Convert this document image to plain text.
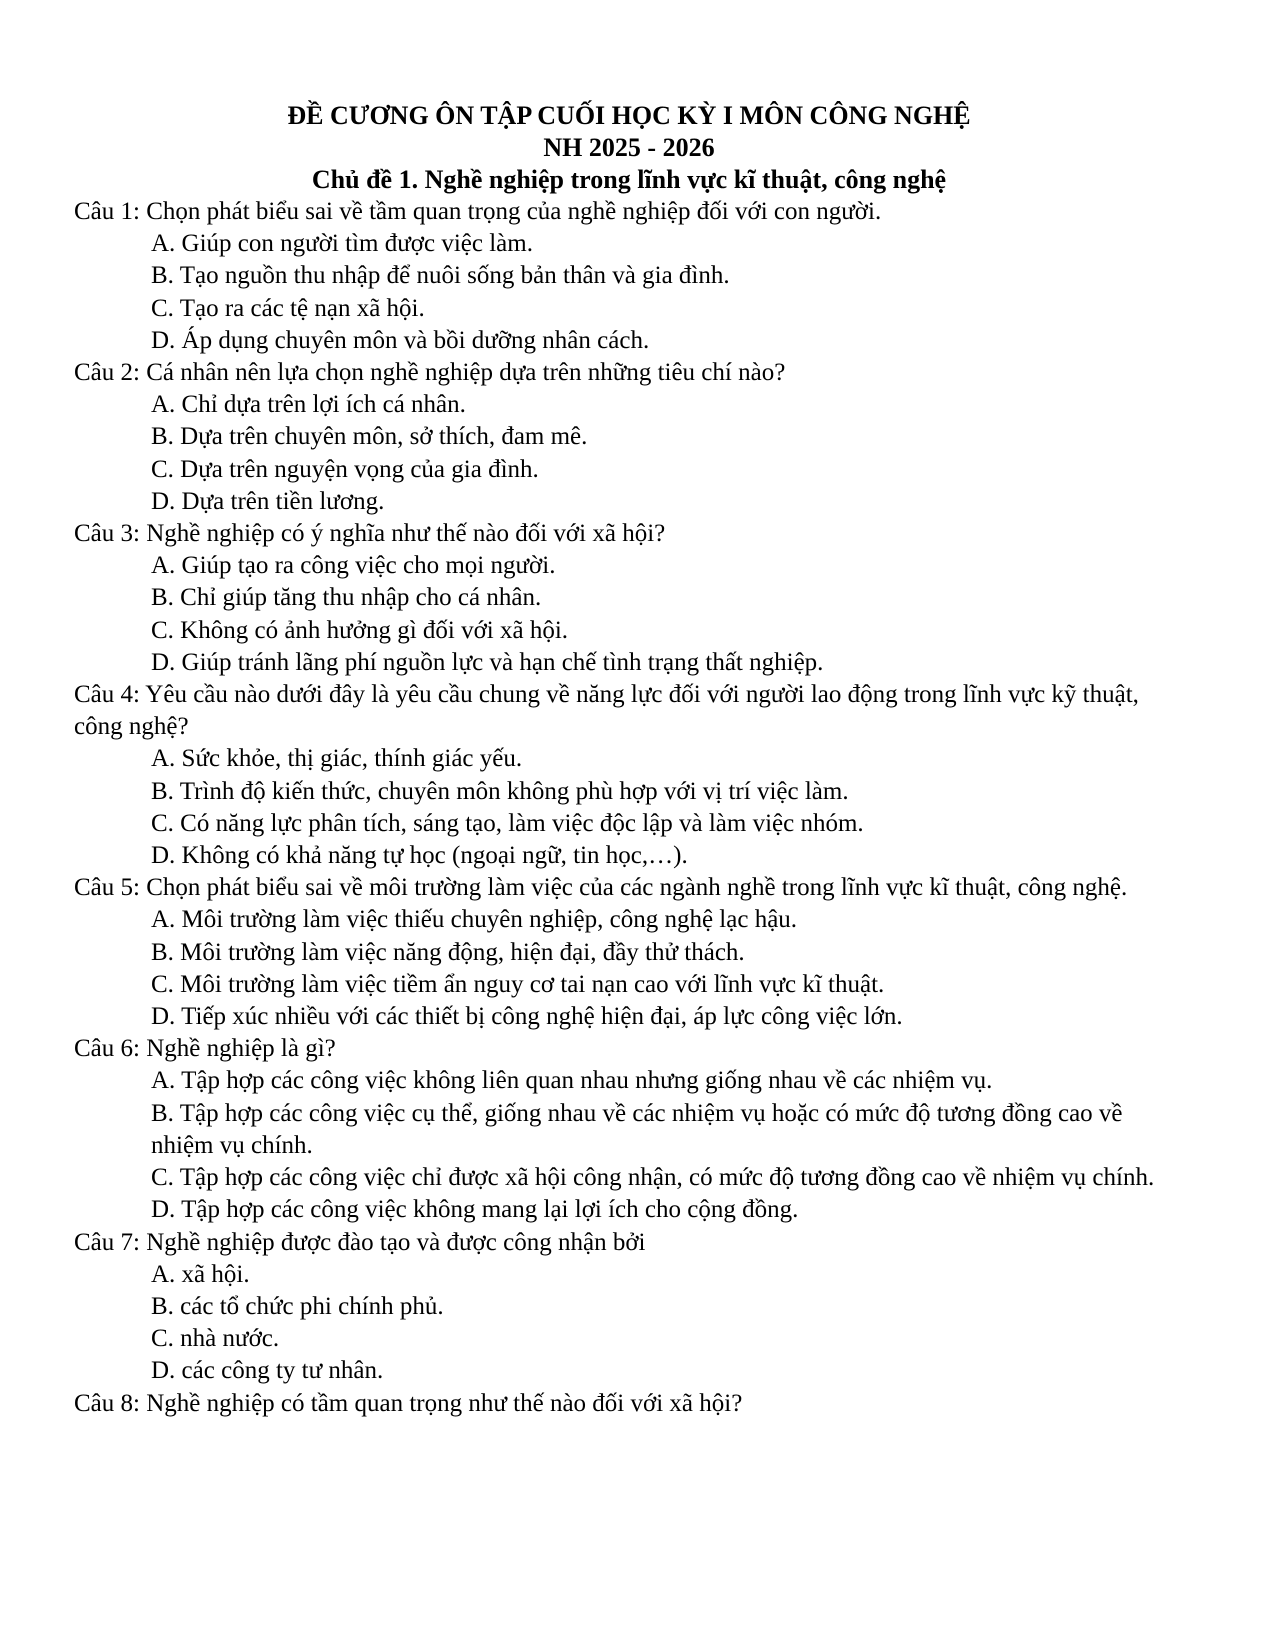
ĐỀ CƯƠNG ÔN TẬP CUỐI HỌC KỲ I MÔN CÔNG NGHỆ
NH 2025 - 2026
Chủ đề 1. Nghề nghiệp trong lĩnh vực kĩ thuật, công nghệ

Câu 1: Chọn phát biểu sai về tầm quan trọng của nghề nghiệp đối với con người.

A. Giúp con người tìm được việc làm.

B. Tạo nguồn thu nhập để nuôi sống bản thân và gia đình.

C. Tạo ra các tệ nạn xã hội.

D. Áp dụng chuyên môn và bồi dưỡng nhân cách.

Câu 2: Cá nhân nên lựa chọn nghề nghiệp dựa trên những tiêu chí nào?

A. Chỉ dựa trên lợi ích cá nhân.

B. Dựa trên chuyên môn, sở thích, đam mê.

C. Dựa trên nguyện vọng của gia đình.

D. Dựa trên tiền lương.

Câu 3: Nghề nghiệp có ý nghĩa như thế nào đối với xã hội?

A. Giúp tạo ra công việc cho mọi người.

B. Chỉ giúp tăng thu nhập cho cá nhân.

C. Không có ảnh hưởng gì đối với xã hội.

D. Giúp tránh lãng phí nguồn lực và hạn chế tình trạng thất nghiệp.

Câu 4: Yêu cầu nào dưới đây là yêu cầu chung về năng lực đối với người lao động trong lĩnh vực kỹ thuật, công nghệ?

A. Sức khỏe, thị giác, thính giác yếu.

B. Trình độ kiến thức, chuyên môn không phù hợp với vị trí việc làm.

C. Có năng lực phân tích, sáng tạo, làm việc độc lập và làm việc nhóm.

D. Không có khả năng tự học (ngoại ngữ, tin học,…).

Câu 5: Chọn phát biểu sai về môi trường làm việc của các ngành nghề trong lĩnh vực kĩ thuật, công nghệ.

A. Môi trường làm việc thiếu chuyên nghiệp, công nghệ lạc hậu.

B. Môi trường làm việc năng động, hiện đại, đầy thử thách.

C. Môi trường làm việc tiềm ẩn nguy cơ tai nạn cao với lĩnh vực kĩ thuật.

D. Tiếp xúc nhiều với các thiết bị công nghệ hiện đại, áp lực công việc lớn.

Câu 6: Nghề nghiệp là gì?

A. Tập hợp các công việc không liên quan nhau nhưng giống nhau về các nhiệm vụ.

B. Tập hợp các công việc cụ thể, giống nhau về các nhiệm vụ hoặc có mức độ tương đồng cao về nhiệm vụ chính.

C. Tập hợp các công việc chỉ được xã hội công nhận, có mức độ tương đồng cao về nhiệm vụ chính.

D. Tập hợp các công việc không mang lại lợi ích cho cộng đồng.

Câu 7: Nghề nghiệp được đào tạo và được công nhận bởi

A. xã hội.

B. các tổ chức phi chính phủ.

C. nhà nước.

D. các công ty tư nhân.

Câu 8: Nghề nghiệp có tầm quan trọng như thế nào đối với xã hội?
